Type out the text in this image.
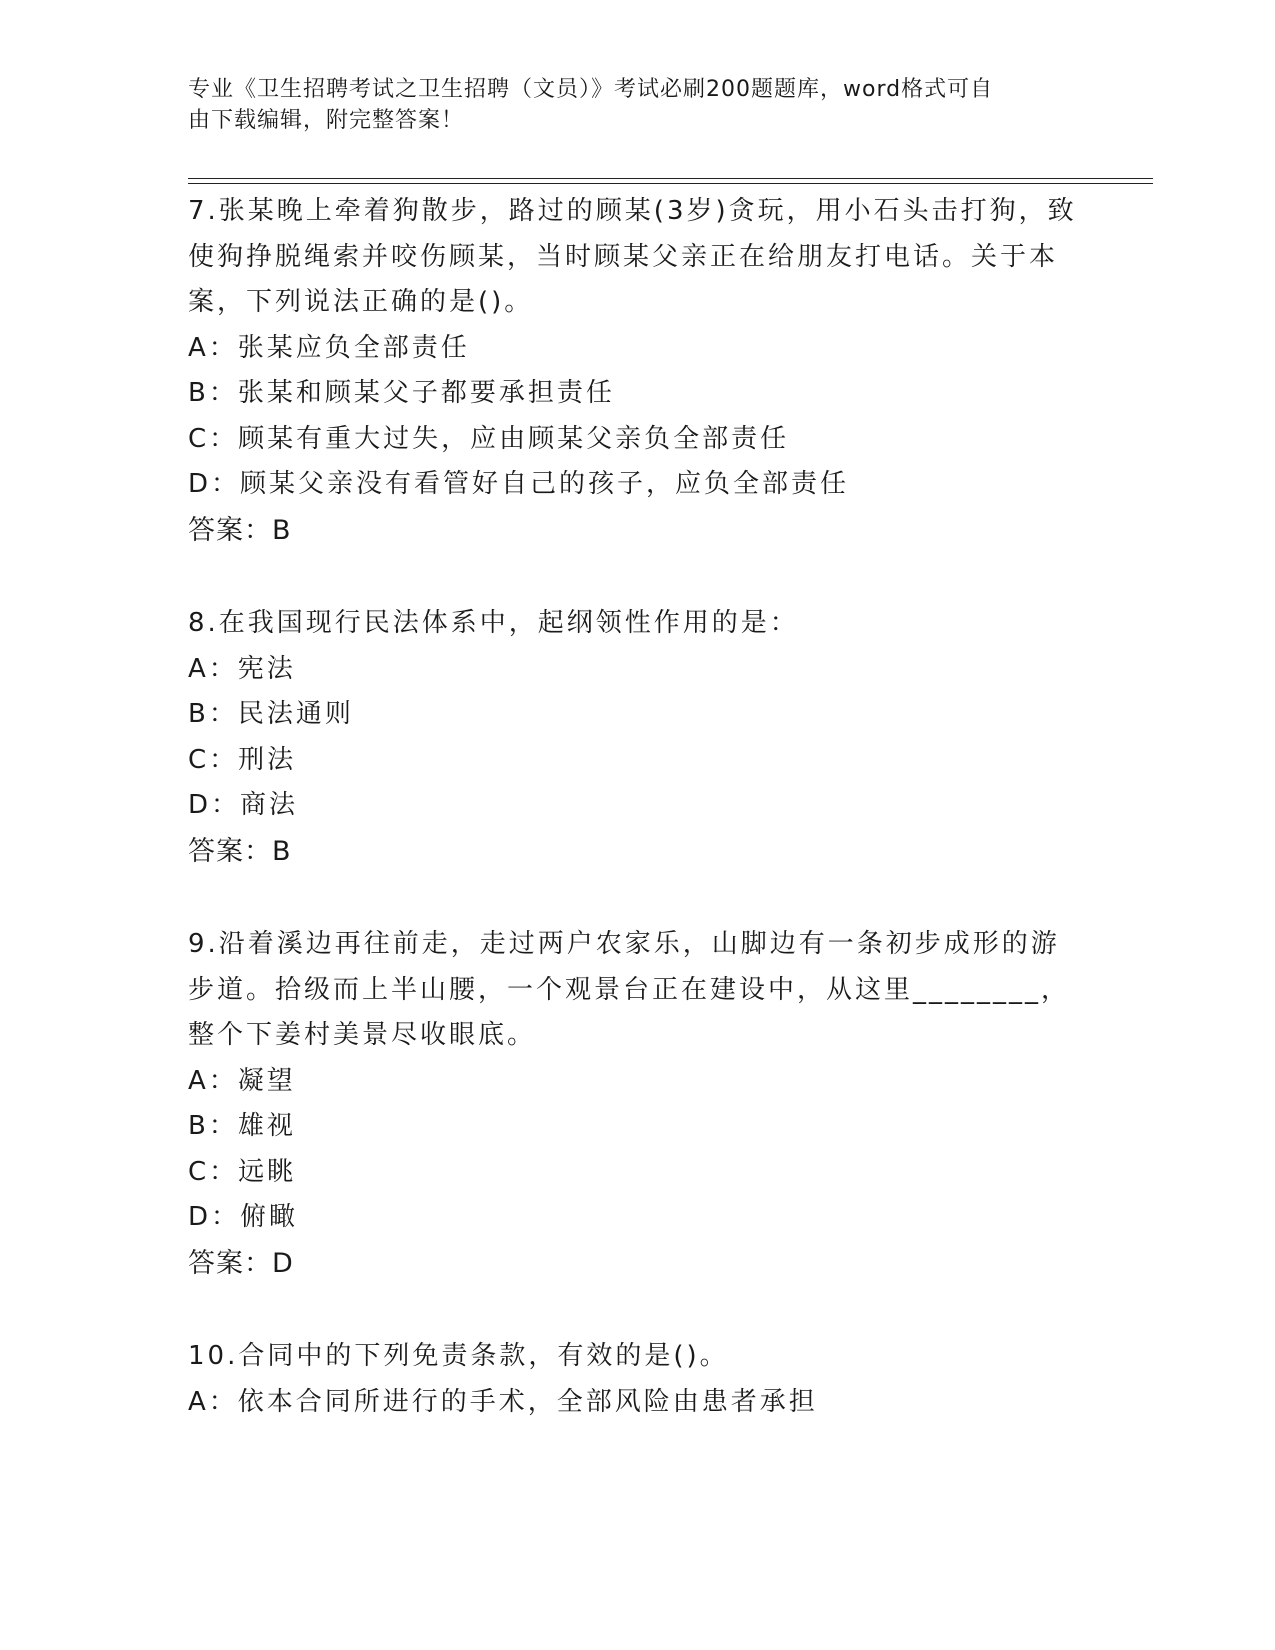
专业《卫生招聘考试之卫生招聘（文员）》考试必刷200题题库，word格式可自
由下载编辑，附完整答案！
7.张某晚上牵着狗散步，路过的顾某(3岁)贪玩，用小石头击打狗，致
使狗挣脱绳索并咬伤顾某，当时顾某父亲正在给朋友打电话。关于本
案，下列说法正确的是()。
A：张某应负全部责任
B：张某和顾某父子都要承担责任
C：顾某有重大过失，应由顾某父亲负全部责任
D：顾某父亲没有看管好自己的孩子，应负全部责任
答案：B
8.在我国现行民法体系中，起纲领性作用的是：
A：宪法
B：民法通则
C：刑法
D：商法
答案：B
9.沿着溪边再往前走，走过两户农家乐，山脚边有一条初步成形的游
步道。拾级而上半山腰，一个观景台正在建设中，从这里________，
整个下姜村美景尽收眼底。
A：凝望
B：雄视
C：远眺
D：俯瞰
答案：D
10.合同中的下列免责条款，有效的是()。
A：依本合同所进行的手术，全部风险由患者承担
